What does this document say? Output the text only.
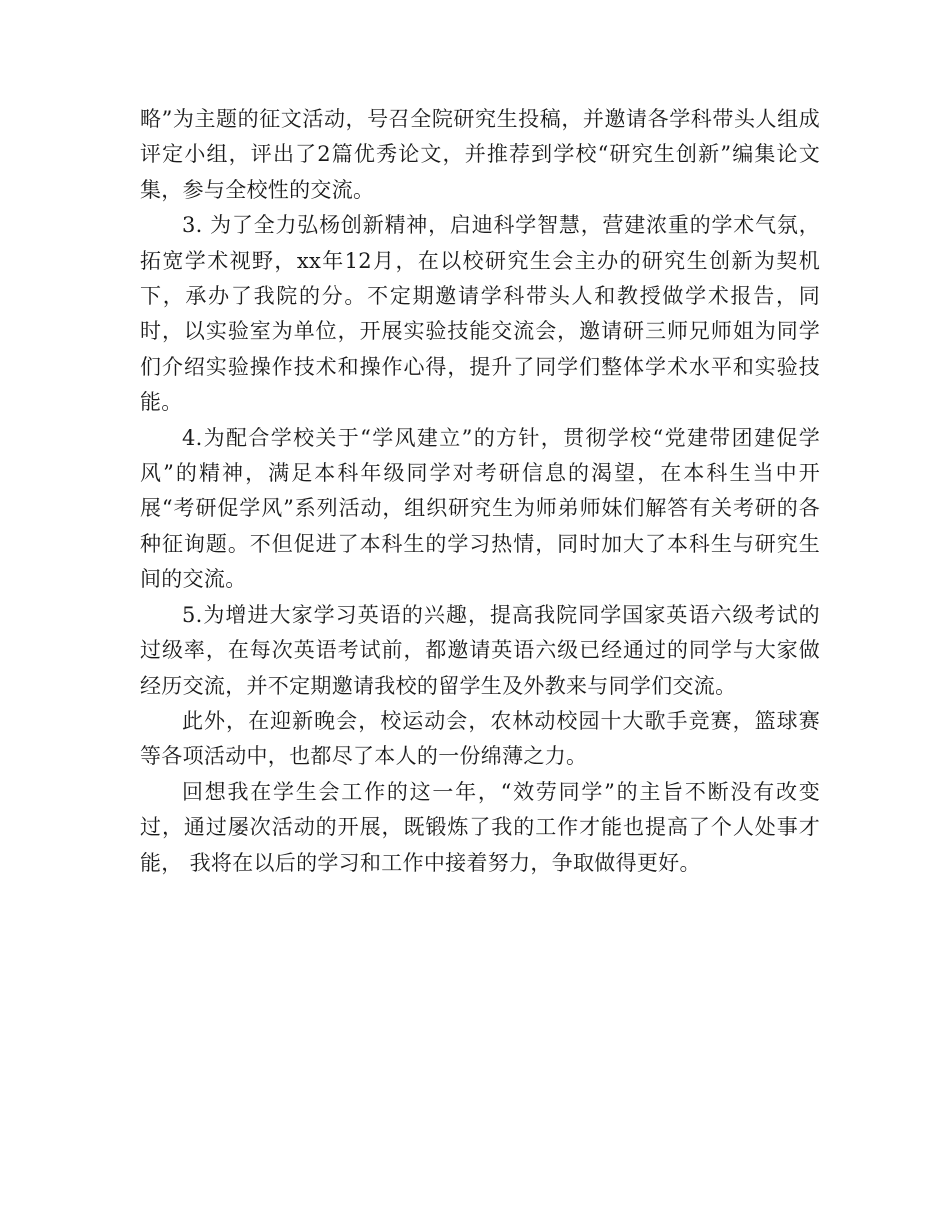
略”为主题的征文活动，号召全院研究生投稿，并邀请各学科带头人组成评定小组，评出了2篇优秀论文，并推荐到学校“研究生创新”编集论文集，参与全校性的交流。

3. 为了全力弘杨创新精神，启迪科学智慧，营建浓重的学术气氛，拓宽学术视野，xx年12月，在以校研究生会主办的研究生创新为契机下，承办了我院的分。不定期邀请学科带头人和教授做学术报告，同时，以实验室为单位，开展实验技能交流会，邀请研三师兄师姐为同学们介绍实验操作技术和操作心得，提升了同学们整体学术水平和实验技能。

4.为配合学校关于“学风建立”的方针，贯彻学校“党建带团建促学风”的精神，满足本科年级同学对考研信息的渴望，在本科生当中开展“考研促学风”系列活动，组织研究生为师弟师妹们解答有关考研的各种征询题。不但促进了本科生的学习热情，同时加大了本科生与研究生间的交流。

5.为增进大家学习英语的兴趣，提高我院同学国家英语六级考试的过级率，在每次英语考试前，都邀请英语六级已经通过的同学与大家做经历交流，并不定期邀请我校的留学生及外教来与同学们交流。

此外，在迎新晚会，校运动会，农林动校园十大歌手竞赛，篮球赛等各项活动中，也都尽了本人的一份绵薄之力。

回想我在学生会工作的这一年，“效劳同学”的主旨不断没有改变过，通过屡次活动的开展，既锻炼了我的工作才能也提高了个人处事才能， 我将在以后的学习和工作中接着努力，争取做得更好。
